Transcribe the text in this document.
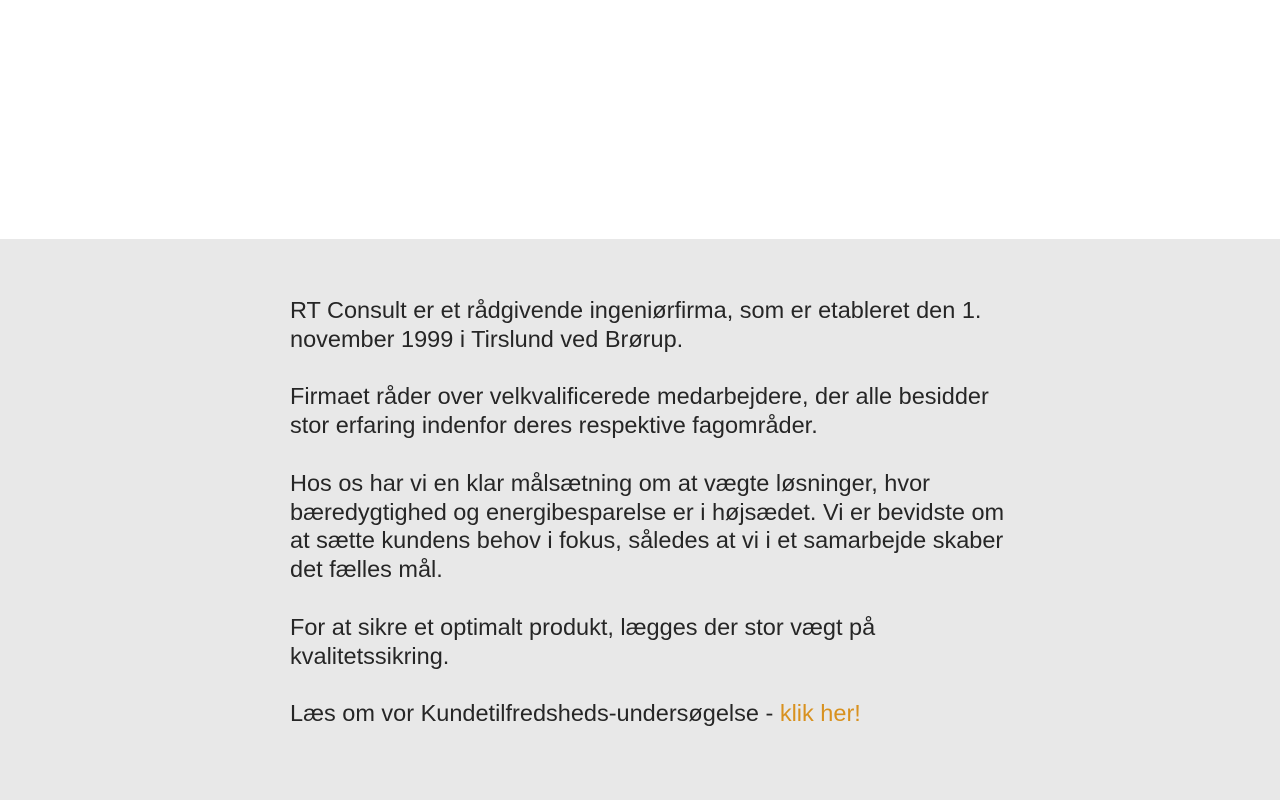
RT Consult er et rådgivende ingeniørfirma, som er etableret den 1. november 1999 i Tirslund ved Brørup.

Firmaet råder over velkvalificerede medarbejdere, der alle besidder stor erfaring indenfor deres respektive fagområder.

Hos os har vi en klar målsætning om at vægte løsninger, hvor bæredygtighed og energibesparelse er i højsædet. Vi er bevidste om at sætte kundens behov i fokus, således at vi i et samarbejde skaber det fælles mål.

For at sikre et optimalt produkt, lægges der stor vægt på kvalitetssikring.

Læs om vor Kundetilfredsheds-undersøgelse - klik her!
